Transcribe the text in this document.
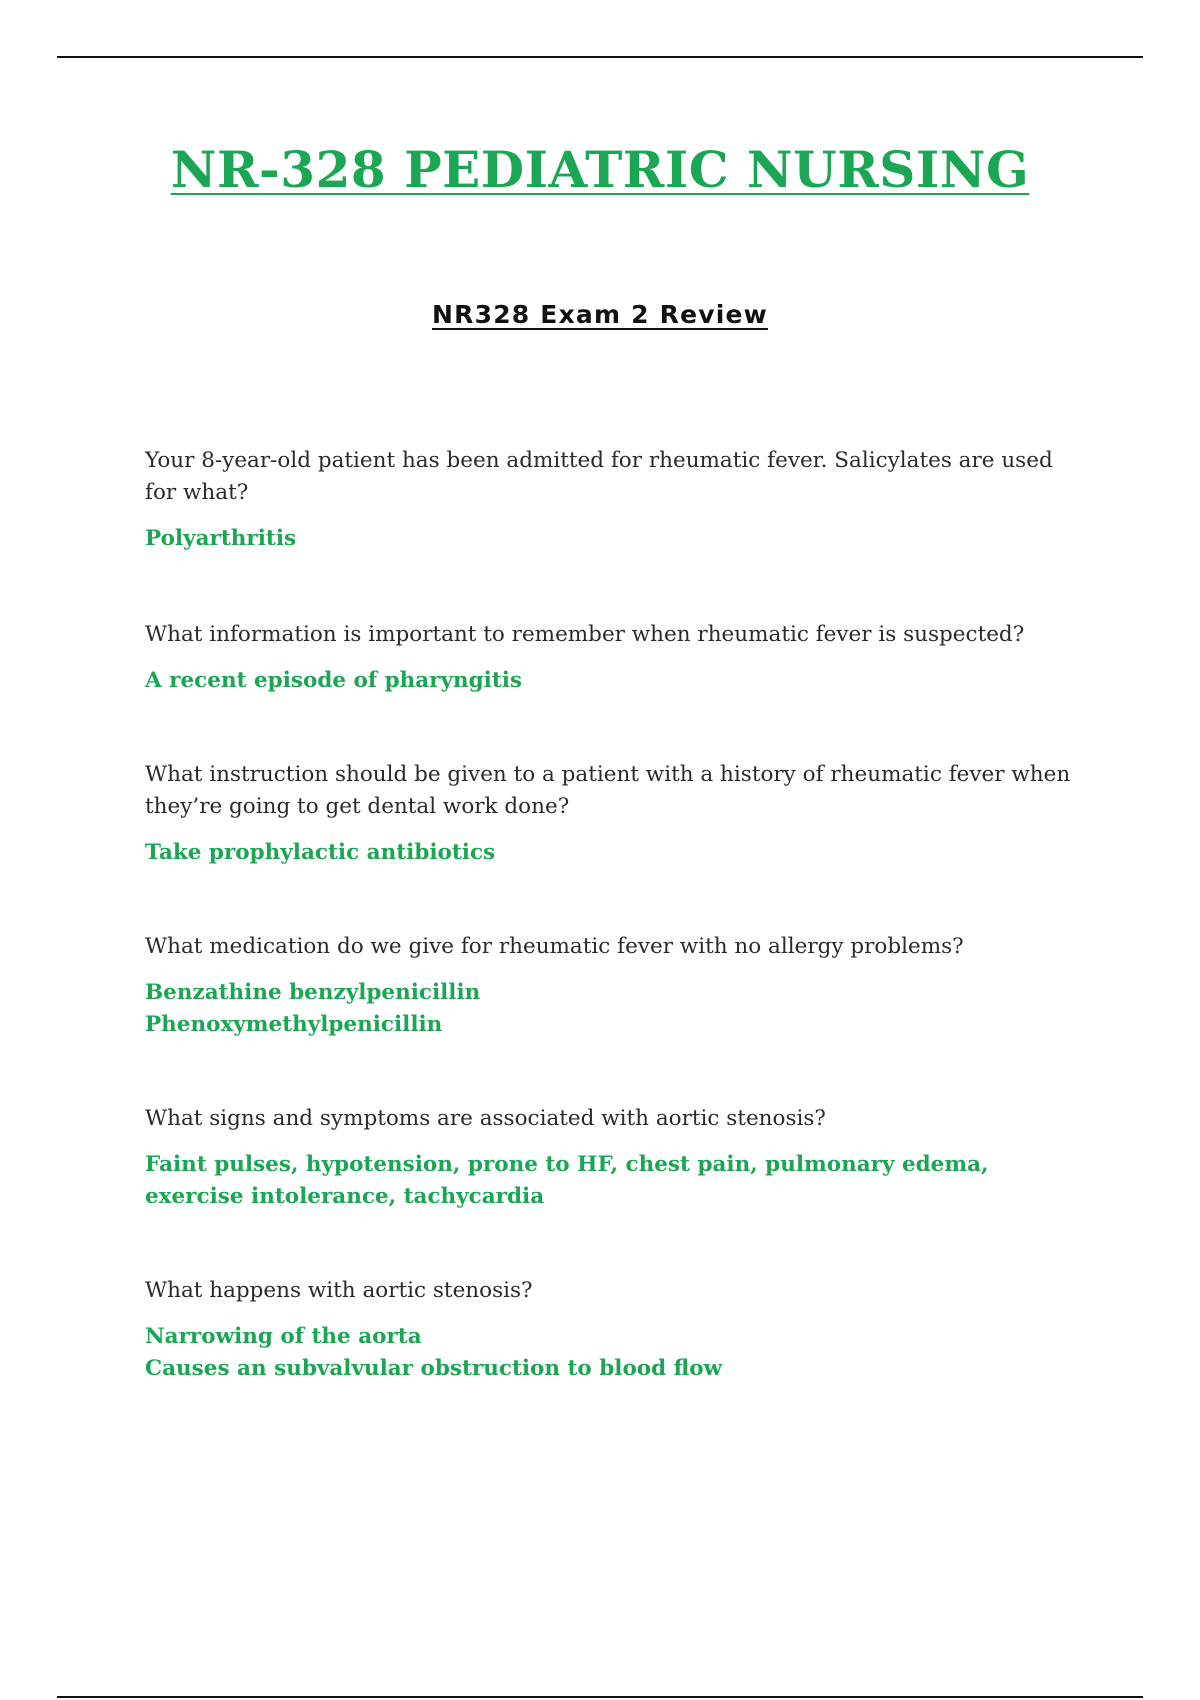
NR-328 PEDIATRIC NURSING
NR328 Exam 2 Review

Your 8-year-old patient has been admitted for rheumatic fever. Salicylates are used for what?

Polyarthritis

What information is important to remember when rheumatic fever is suspected?

A recent episode of pharyngitis

What instruction should be given to a patient with a history of rheumatic fever when they’re going to get dental work done?

Take prophylactic antibiotics

What medication do we give for rheumatic fever with no allergy problems?

Benzathine benzylpenicillin
Phenoxymethylpenicillin

What signs and symptoms are associated with aortic stenosis?

Faint pulses, hypotension, prone to HF, chest pain, pulmonary edema, exercise intolerance, tachycardia

What happens with aortic stenosis?

Narrowing of the aorta
Causes an subvalvular obstruction to blood flow
